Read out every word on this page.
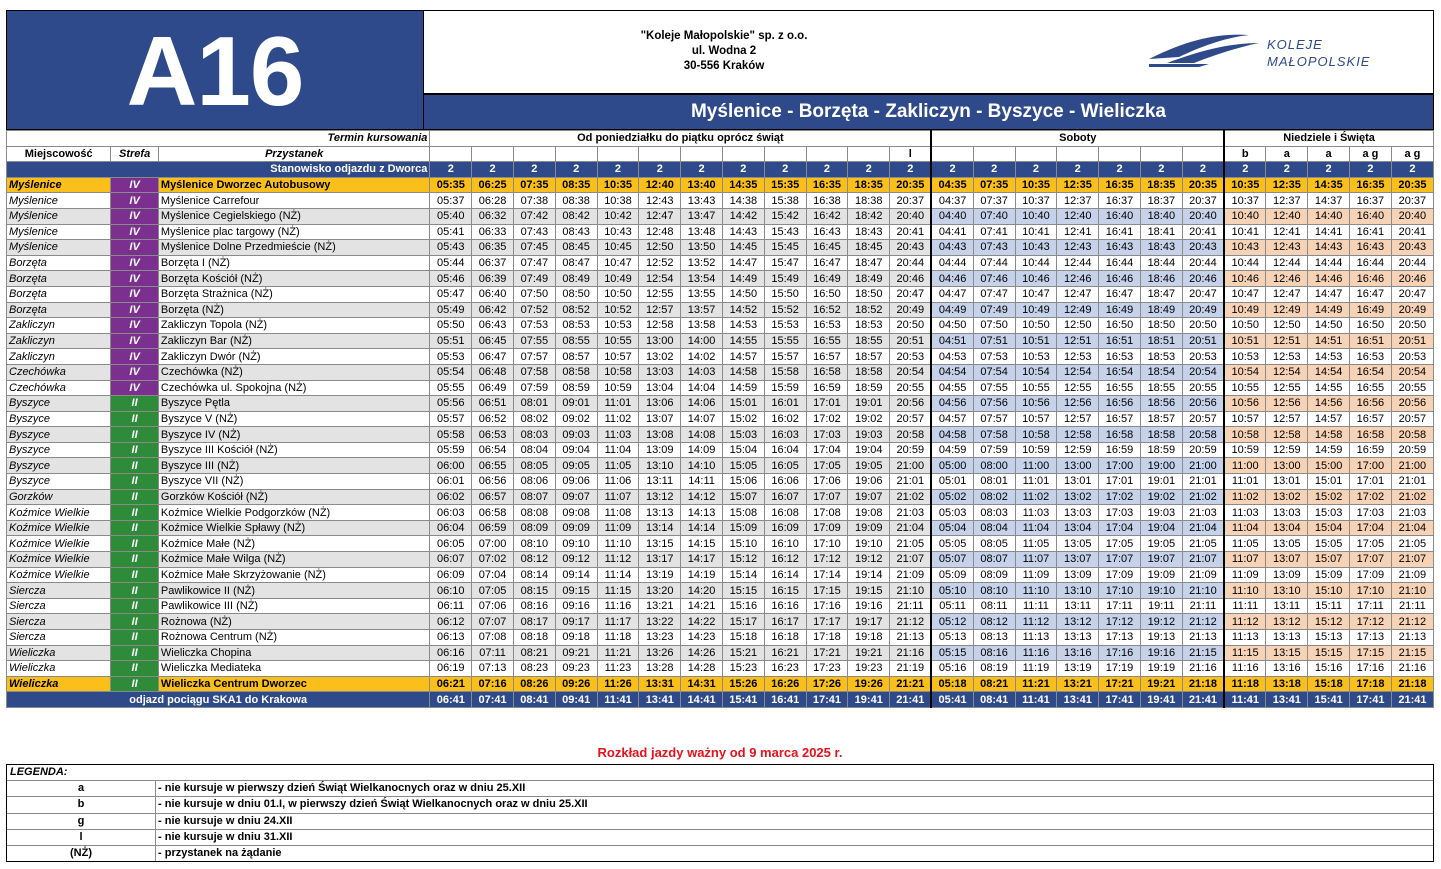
A16	"Koleje Małopolskie" sp. z o.o.
ul. Wodna 2
30-556 Kraków
KOLEJE
MAŁOPOLSKIE
Myślenice - Borzęta - Zakliczyn - Byszyce - Wieliczka
Termin kursowania			Od poniedziałku do piątku oprócz świąt												Soboty							Niedziele i Święta				
Miejscowość	Strefa	Przystanek												l								b	a	a	a g	a g
Stanowisko odjazdu z Dworca			2	2	2	2	2	2	2	2	2	2	2	2	2	2	2	2	2	2	2	2	2	2	2	2
Myślenice	IV	Myślenice Dworzec Autobusowy	05:35	06:25	07:35	08:35	10:35	12:40	13:40	14:35	15:35	16:35	18:35	20:35	04:35	07:35	10:35	12:35	16:35	18:35	20:35	10:35	12:35	14:35	16:35	20:35
Myślenice	IV	Myślenice Carrefour	05:37	06:28	07:38	08:38	10:38	12:43	13:43	14:38	15:38	16:38	18:38	20:37	04:37	07:37	10:37	12:37	16:37	18:37	20:37	10:37	12:37	14:37	16:37	20:37
Myślenice	IV	Myślenice Cegielskiego (NŻ)	05:40	06:32	07:42	08:42	10:42	12:47	13:47	14:42	15:42	16:42	18:42	20:40	04:40	07:40	10:40	12:40	16:40	18:40	20:40	10:40	12:40	14:40	16:40	20:40
Myślenice	IV	Myślenice plac targowy (NŻ)	05:41	06:33	07:43	08:43	10:43	12:48	13:48	14:43	15:43	16:43	18:43	20:41	04:41	07:41	10:41	12:41	16:41	18:41	20:41	10:41	12:41	14:41	16:41	20:41
Myślenice	IV	Myślenice Dolne Przedmieście (NŻ)	05:43	06:35	07:45	08:45	10:45	12:50	13:50	14:45	15:45	16:45	18:45	20:43	04:43	07:43	10:43	12:43	16:43	18:43	20:43	10:43	12:43	14:43	16:43	20:43
Borzęta	IV	Borzęta I (NŻ)	05:44	06:37	07:47	08:47	10:47	12:52	13:52	14:47	15:47	16:47	18:47	20:44	04:44	07:44	10:44	12:44	16:44	18:44	20:44	10:44	12:44	14:44	16:44	20:44
Borzęta	IV	Borzęta Kościół (NŻ)	05:46	06:39	07:49	08:49	10:49	12:54	13:54	14:49	15:49	16:49	18:49	20:46	04:46	07:46	10:46	12:46	16:46	18:46	20:46	10:46	12:46	14:46	16:46	20:46
Borzęta	IV	Borzęta Strażnica (NŻ)	05:47	06:40	07:50	08:50	10:50	12:55	13:55	14:50	15:50	16:50	18:50	20:47	04:47	07:47	10:47	12:47	16:47	18:47	20:47	10:47	12:47	14:47	16:47	20:47
Borzęta	IV	Borzęta (NŻ)	05:49	06:42	07:52	08:52	10:52	12:57	13:57	14:52	15:52	16:52	18:52	20:49	04:49	07:49	10:49	12:49	16:49	18:49	20:49	10:49	12:49	14:49	16:49	20:49
Zakliczyn	IV	Zakliczyn Topola (NŻ)	05:50	06:43	07:53	08:53	10:53	12:58	13:58	14:53	15:53	16:53	18:53	20:50	04:50	07:50	10:50	12:50	16:50	18:50	20:50	10:50	12:50	14:50	16:50	20:50
Zakliczyn	IV	Zakliczyn Bar (NŻ)	05:51	06:45	07:55	08:55	10:55	13:00	14:00	14:55	15:55	16:55	18:55	20:51	04:51	07:51	10:51	12:51	16:51	18:51	20:51	10:51	12:51	14:51	16:51	20:51
Zakliczyn	IV	Zakliczyn Dwór (NŻ)	05:53	06:47	07:57	08:57	10:57	13:02	14:02	14:57	15:57	16:57	18:57	20:53	04:53	07:53	10:53	12:53	16:53	18:53	20:53	10:53	12:53	14:53	16:53	20:53
Czechówka	IV	Czechówka (NŻ)	05:54	06:48	07:58	08:58	10:58	13:03	14:03	14:58	15:58	16:58	18:58	20:54	04:54	07:54	10:54	12:54	16:54	18:54	20:54	10:54	12:54	14:54	16:54	20:54
Czechówka	IV	Czechówka ul. Spokojna (NŻ)	05:55	06:49	07:59	08:59	10:59	13:04	14:04	14:59	15:59	16:59	18:59	20:55	04:55	07:55	10:55	12:55	16:55	18:55	20:55	10:55	12:55	14:55	16:55	20:55
Byszyce	II	Byszyce Pętla	05:56	06:51	08:01	09:01	11:01	13:06	14:06	15:01	16:01	17:01	19:01	20:56	04:56	07:56	10:56	12:56	16:56	18:56	20:56	10:56	12:56	14:56	16:56	20:56
Byszyce	II	Byszyce V (NŻ)	05:57	06:52	08:02	09:02	11:02	13:07	14:07	15:02	16:02	17:02	19:02	20:57	04:57	07:57	10:57	12:57	16:57	18:57	20:57	10:57	12:57	14:57	16:57	20:57
Byszyce	II	Byszyce IV (NŻ)	05:58	06:53	08:03	09:03	11:03	13:08	14:08	15:03	16:03	17:03	19:03	20:58	04:58	07:58	10:58	12:58	16:58	18:58	20:58	10:58	12:58	14:58	16:58	20:58
Byszyce	II	Byszyce III Kościół (NŻ)	05:59	06:54	08:04	09:04	11:04	13:09	14:09	15:04	16:04	17:04	19:04	20:59	04:59	07:59	10:59	12:59	16:59	18:59	20:59	10:59	12:59	14:59	16:59	20:59
Byszyce	II	Byszyce III (NŻ)	06:00	06:55	08:05	09:05	11:05	13:10	14:10	15:05	16:05	17:05	19:05	21:00	05:00	08:00	11:00	13:00	17:00	19:00	21:00	11:00	13:00	15:00	17:00	21:00
Byszyce	II	Byszyce VII (NŻ)	06:01	06:56	08:06	09:06	11:06	13:11	14:11	15:06	16:06	17:06	19:06	21:01	05:01	08:01	11:01	13:01	17:01	19:01	21:01	11:01	13:01	15:01	17:01	21:01
Gorzków	II	Gorzków Kościół (NŻ)	06:02	06:57	08:07	09:07	11:07	13:12	14:12	15:07	16:07	17:07	19:07	21:02	05:02	08:02	11:02	13:02	17:02	19:02	21:02	11:02	13:02	15:02	17:02	21:02
Koźmice Wielkie	II	Koźmice Wielkie Podgorzków (NŻ)	06:03	06:58	08:08	09:08	11:08	13:13	14:13	15:08	16:08	17:08	19:08	21:03	05:03	08:03	11:03	13:03	17:03	19:03	21:03	11:03	13:03	15:03	17:03	21:03
Koźmice Wielkie	II	Koźmice Wielkie Spławy (NŻ)	06:04	06:59	08:09	09:09	11:09	13:14	14:14	15:09	16:09	17:09	19:09	21:04	05:04	08:04	11:04	13:04	17:04	19:04	21:04	11:04	13:04	15:04	17:04	21:04
Koźmice Wielkie	II	Koźmice Małe (NŻ)	06:05	07:00	08:10	09:10	11:10	13:15	14:15	15:10	16:10	17:10	19:10	21:05	05:05	08:05	11:05	13:05	17:05	19:05	21:05	11:05	13:05	15:05	17:05	21:05
Koźmice Wielkie	II	Koźmice Małe Wilga (NŻ)	06:07	07:02	08:12	09:12	11:12	13:17	14:17	15:12	16:12	17:12	19:12	21:07	05:07	08:07	11:07	13:07	17:07	19:07	21:07	11:07	13:07	15:07	17:07	21:07
Koźmice Wielkie	II	Koźmice Małe Skrzyżowanie (NŻ)	06:09	07:04	08:14	09:14	11:14	13:19	14:19	15:14	16:14	17:14	19:14	21:09	05:09	08:09	11:09	13:09	17:09	19:09	21:09	11:09	13:09	15:09	17:09	21:09
Siercza	II	Pawlikowice II (NŻ)	06:10	07:05	08:15	09:15	11:15	13:20	14:20	15:15	16:15	17:15	19:15	21:10	05:10	08:10	11:10	13:10	17:10	19:10	21:10	11:10	13:10	15:10	17:10	21:10
Siercza	II	Pawlikowice III (NŻ)	06:11	07:06	08:16	09:16	11:16	13:21	14:21	15:16	16:16	17:16	19:16	21:11	05:11	08:11	11:11	13:11	17:11	19:11	21:11	11:11	13:11	15:11	17:11	21:11
Siercza	II	Rożnowa (NŻ)	06:12	07:07	08:17	09:17	11:17	13:22	14:22	15:17	16:17	17:17	19:17	21:12	05:12	08:12	11:12	13:12	17:12	19:12	21:12	11:12	13:12	15:12	17:12	21:12
Siercza	II	Rożnowa Centrum (NŻ)	06:13	07:08	08:18	09:18	11:18	13:23	14:23	15:18	16:18	17:18	19:18	21:13	05:13	08:13	11:13	13:13	17:13	19:13	21:13	11:13	13:13	15:13	17:13	21:13
Wieliczka	II	Wieliczka Chopina	06:16	07:11	08:21	09:21	11:21	13:26	14:26	15:21	16:21	17:21	19:21	21:16	05:15	08:16	11:16	13:16	17:16	19:16	21:15	11:15	13:15	15:15	17:15	21:15
Wieliczka	II	Wieliczka Mediateka	06:19	07:13	08:23	09:23	11:23	13:28	14:28	15:23	16:23	17:23	19:23	21:19	05:16	08:19	11:19	13:19	17:19	19:19	21:16	11:16	13:16	15:16	17:16	21:16
Wieliczka	II	Wieliczka Centrum Dworzec	06:21	07:16	08:26	09:26	11:26	13:31	14:31	15:26	16:26	17:26	19:26	21:21	05:18	08:21	11:21	13:21	17:21	19:21	21:18	11:18	13:18	15:18	17:18	21:18
odjazd pociągu SKA1 do Krakowa			06:41	07:41	08:41	09:41	11:41	13:41	14:41	15:41	16:41	17:41	19:41	21:41	05:41	08:41	11:41	13:41	17:41	19:41	21:41	11:41	13:41	15:41	17:41	21:41
Rozkład jazdy ważny od 9 marca 2025 r.
LEGENDA:
a	- nie kursuje w pierwszy dzień Świąt Wielkanocnych oraz w dniu 25.XII
b	- nie kursuje w dniu 01.I, w pierwszy dzień Świąt Wielkanocnych oraz w dniu 25.XII
g	- nie kursuje w dniu 24.XII
l	- nie kursuje w dniu 31.XII
(NŻ)	- przystanek na żądanie
